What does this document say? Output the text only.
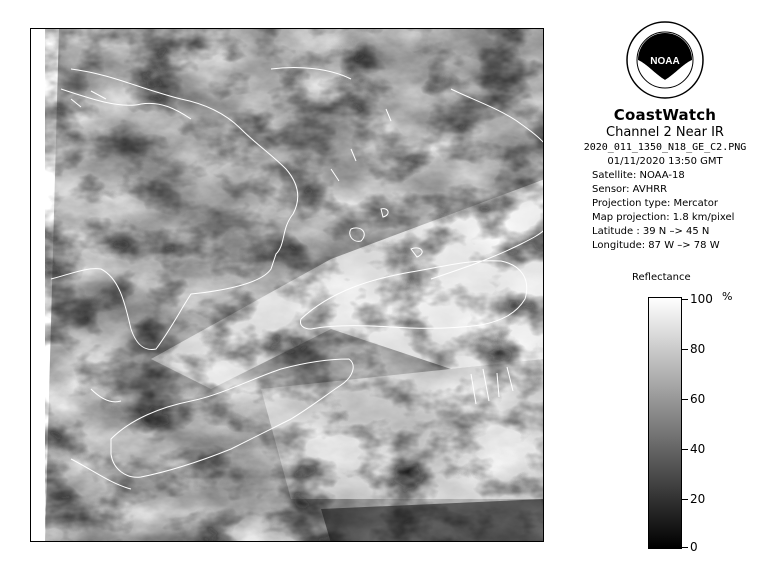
NOAA
CoastWatch
Channel 2 Near IR
2020_011_1350_N18_GE_C2.PNG
01/11/2020 13:50 GMT
Satellite: NOAA-18
Sensor: AVHRR
Projection type: Mercator
Map projection: 1.8 km/pixel
Latitude : 39 N –> 45 N
Longitude: 87 W –> 78 W
Reflectance
%
100
80
60
40
20
0
